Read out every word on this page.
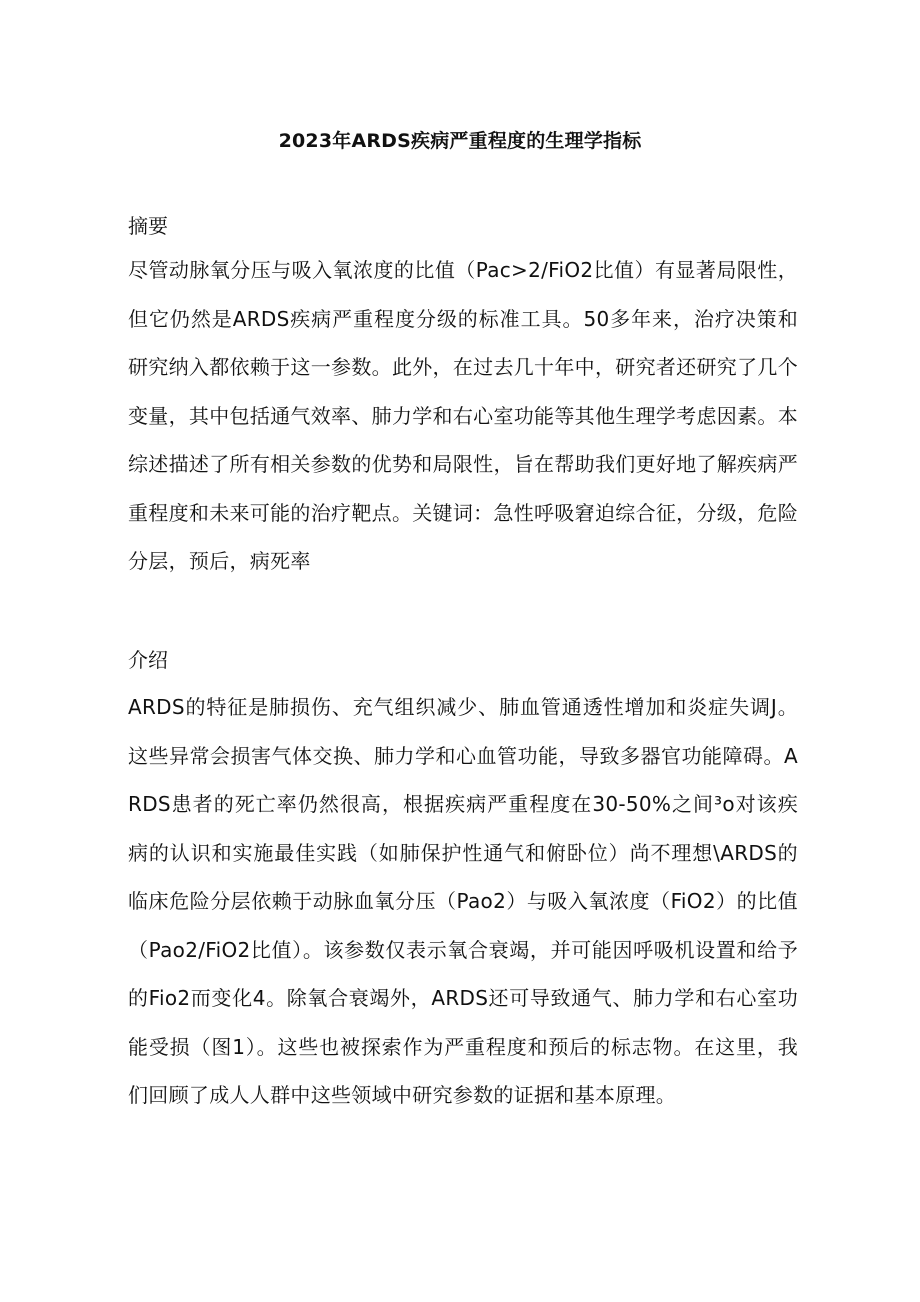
2023年ARDS疾病严重程度的生理学指标
摘要
尽管动脉氧分压与吸入氧浓度的比值（Pac>2/FiO2比值）有显著局限性，但它仍然是ARDS疾病严重程度分级的标准工具。50多年来，治疗决策和研究纳入都依赖于这一参数。此外，在过去几十年中，研究者还研究了几个变量，其中包括通气效率、肺力学和右心室功能等其他生理学考虑因素。本综述描述了所有相关参数的优势和局限性，旨在帮助我们更好地了解疾病严重程度和未来可能的治疗靶点。关键词：急性呼吸窘迫综合征，分级，危险分层，预后，病死率
介绍
ARDS的特征是肺损伤、充气组织减少、肺血管通透性增加和炎症失调J。这些异常会损害气体交换、肺力学和心血管功能，导致多器官功能障碍。ARDS患者的死亡率仍然很高，根据疾病严重程度在30-50%之间³o对该疾病的认识和实施最佳实践（如肺保护性通气和俯卧位）尚不理想\ARDS的临床危险分层依赖于动脉血氧分压（Pao2）与吸入氧浓度（FiO2）的比值（Pao2/FiO2比值）。该参数仅表示氧合衰竭，并可能因呼吸机设置和给予的Fio2而变化4。除氧合衰竭外，ARDS还可导致通气、肺力学和右心室功能受损（图1）。这些也被探索作为严重程度和预后的标志物。在这里，我们回顾了成人人群中这些领域中研究参数的证据和基本原理。
